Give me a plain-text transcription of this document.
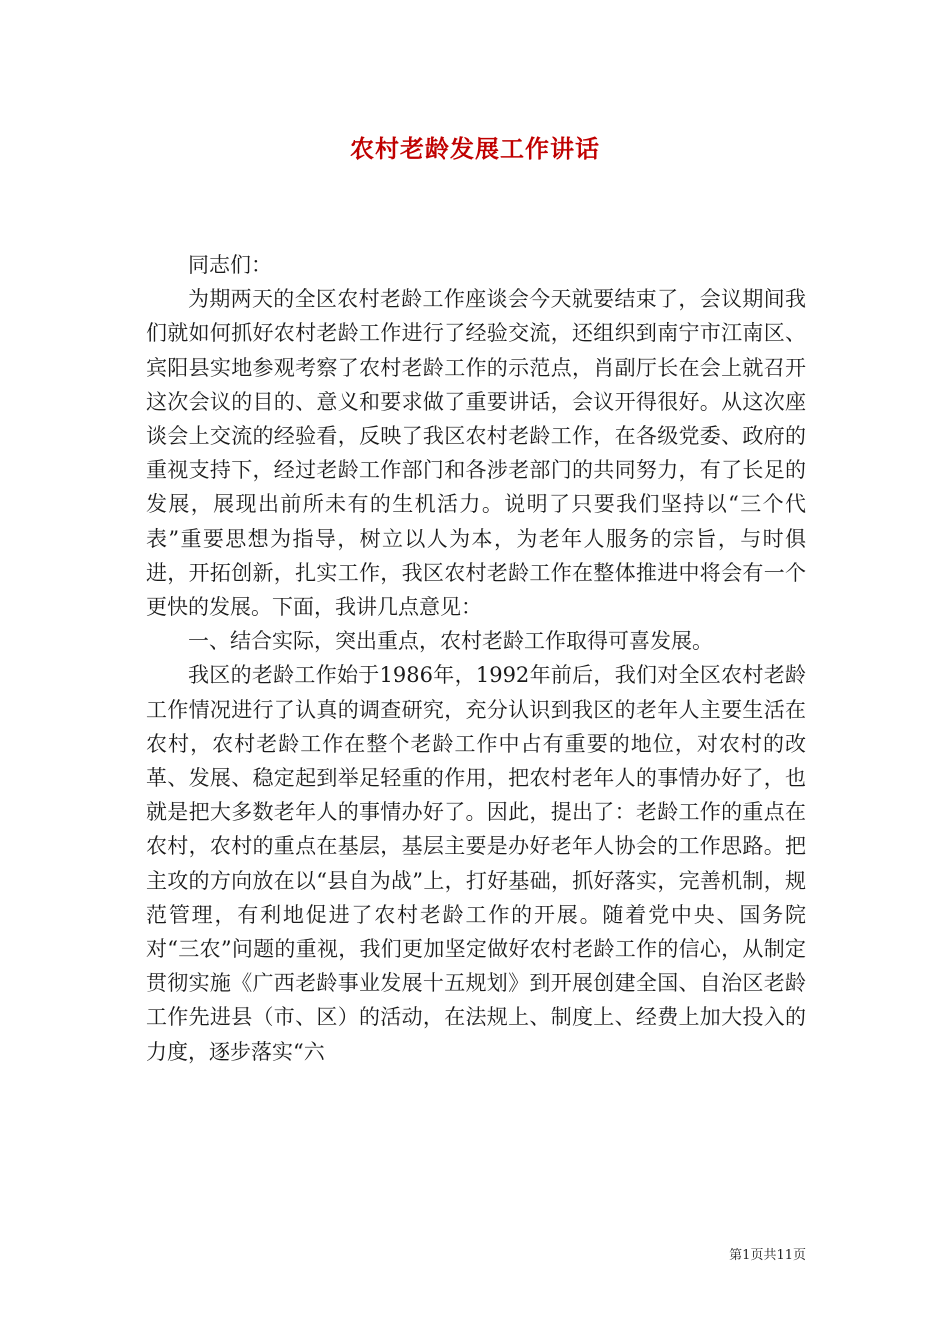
农村老龄发展工作讲话

同志们：

为期两天的全区农村老龄工作座谈会今天就要结束了，会议期间我们就如何抓好农村老龄工作进行了经验交流，还组织到南宁市江南区、宾阳县实地参观考察了农村老龄工作的示范点，肖副厅长在会上就召开这次会议的目的、意义和要求做了重要讲话，会议开得很好。从这次座谈会上交流的经验看，反映了我区农村老龄工作，在各级党委、政府的重视支持下，经过老龄工作部门和各涉老部门的共同努力，有了长足的发展，展现出前所未有的生机活力。说明了只要我们坚持以“三个代表”重要思想为指导，树立以人为本，为老年人服务的宗旨，与时俱进，开拓创新，扎实工作，我区农村老龄工作在整体推进中将会有一个更快的发展。下面，我讲几点意见：

一、结合实际，突出重点，农村老龄工作取得可喜发展。

我区的老龄工作始于1986年，1992年前后，我们对全区农村老龄工作情况进行了认真的调查研究，充分认识到我区的老年人主要生活在农村，农村老龄工作在整个老龄工作中占有重要的地位，对农村的改革、发展、稳定起到举足轻重的作用，把农村老年人的事情办好了，也就是把大多数老年人的事情办好了。因此，提出了：老龄工作的重点在农村，农村的重点在基层，基层主要是办好老年人协会的工作思路。把主攻的方向放在以“县自为战”上，打好基础，抓好落实，完善机制，规范管理，有利地促进了农村老龄工作的开展。随着党中央、国务院对“三农”问题的重视，我们更加坚定做好农村老龄工作的信心，从制定贯彻实施《广西老龄事业发展十五规划》到开展创建全国、自治区老龄工作先进县（市、区）的活动，在法规上、制度上、经费上加大投入的力度，逐步落实“六

第1页共11页
